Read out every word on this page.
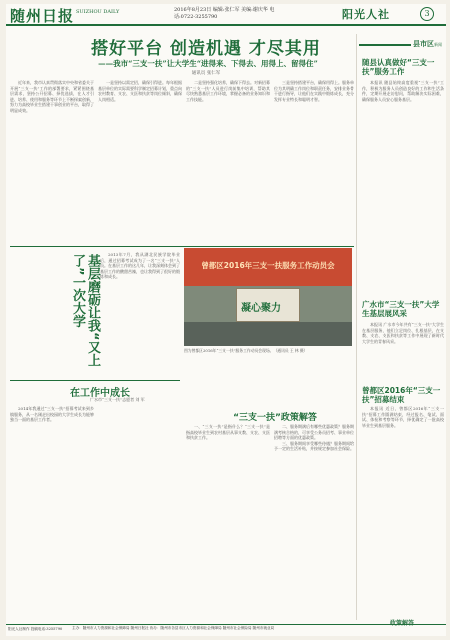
随州日报 SUIZHOU DAILY	2016年8月23日 编辑:张仁军 美编:谢庆华 电话:0722-3255790	阳光人社	3
搭好平台 创造机遇 才尽其用
——我市“三支一扶”让大学生“进得来、下得去、用得上、留得住”
通讯员 张仁军

近年来，我市认真贯彻落实中央和省委关于开展“三支一扶”工作的部署要求，紧紧围绕基层需求，坚持公开招募、择优选拔，在人才引进、培养、使用和服务等环节上不断探索创新，努力为高校毕业生搭建干事创业的平台，取得了明显成效。

一是坚持以需定招，确保引得进。每年根据基层单位的实际需要科学制定招募计划，重点向农村教育、支农、支医和扶贫等岗位倾斜，确保人岗相适。

二是坚持强化培养，确保下得去。对新招募的“三支一扶”人员进行岗前集中培训，帮助其尽快熟悉基层工作环境，掌握必备的业务知识和工作技能。

三是坚持搭建平台，确保用得上。服务单位为其明确工作岗位和职责任务，安排业务骨干进行指导，让他们在实践中锻炼成长，充分发挥专业特长和聪明才智。

县市区新闻
随县认真做好“三支一扶”服务工作

本报讯 随县始终高度重视“三支一扶”工作，积极为服务人员创造良好的工作和生活条件，定期开展走访慰问，帮助解决实际困难，确保服务人员安心服务基层。

广水市“三支一扶”大学生基层展风采

本报讯 广水市今年共有“三支一扶”大学生在基层服务，他们立足岗位、扎根基层，在支教、支农、支医和扶贫等工作中展现了新时代大学生的青春风采。

曾都区2016年“三支一扶”招募结束

本报讯 近日，曾都区2016年“三支一扶”招募工作圆满结束，经过报名、笔试、面试、体检和考察等环节，择优确定了一批高校毕业生到基层服务。

基层磨砺让我“又上了”一次大学	2013年7月，我从湖北民族学院毕业后，通过招募考试成为了一名“三支一扶”人员。在基层工作的这几年，让我深刻体会到了基层工作的酸甜苦辣，也让我得到了很好的锻炼和成长。

曾都区2016年三支一扶服务工作动员会
凝心聚力
图为曾都区2016年“三支一扶”服务工作动员会现场。（通讯员 王 林 摄）
在工作中成长
广水市“三支一扶”志愿者 刘 军

2014年我通过“三支一扶”招募考试来到乡镇服务，从一名刚走出校园的大学生成长为能够独当一面的基层工作者。	“三支一扶”政策解答

一、“三支一扶”是指什么？“三支一扶”是指高校毕业生到农村基层从事支教、支农、支医和扶贫工作。

二、服务期满后有哪些优惠政策？服务期满考核合格的，可享受公务员招考、事业单位招聘等方面的优惠政策。

三、服务期间享受哪些待遇？服务期间给予一定的生活补贴，并按规定参加社会保险。

政策解答
阳光人社制作 投稿电话:3255790	主办：随州市人力资源和社会保障局 随州日报社 协办：随州市各县市区人力资源和社会保障局 随州市社会保险局 随州市就业局
